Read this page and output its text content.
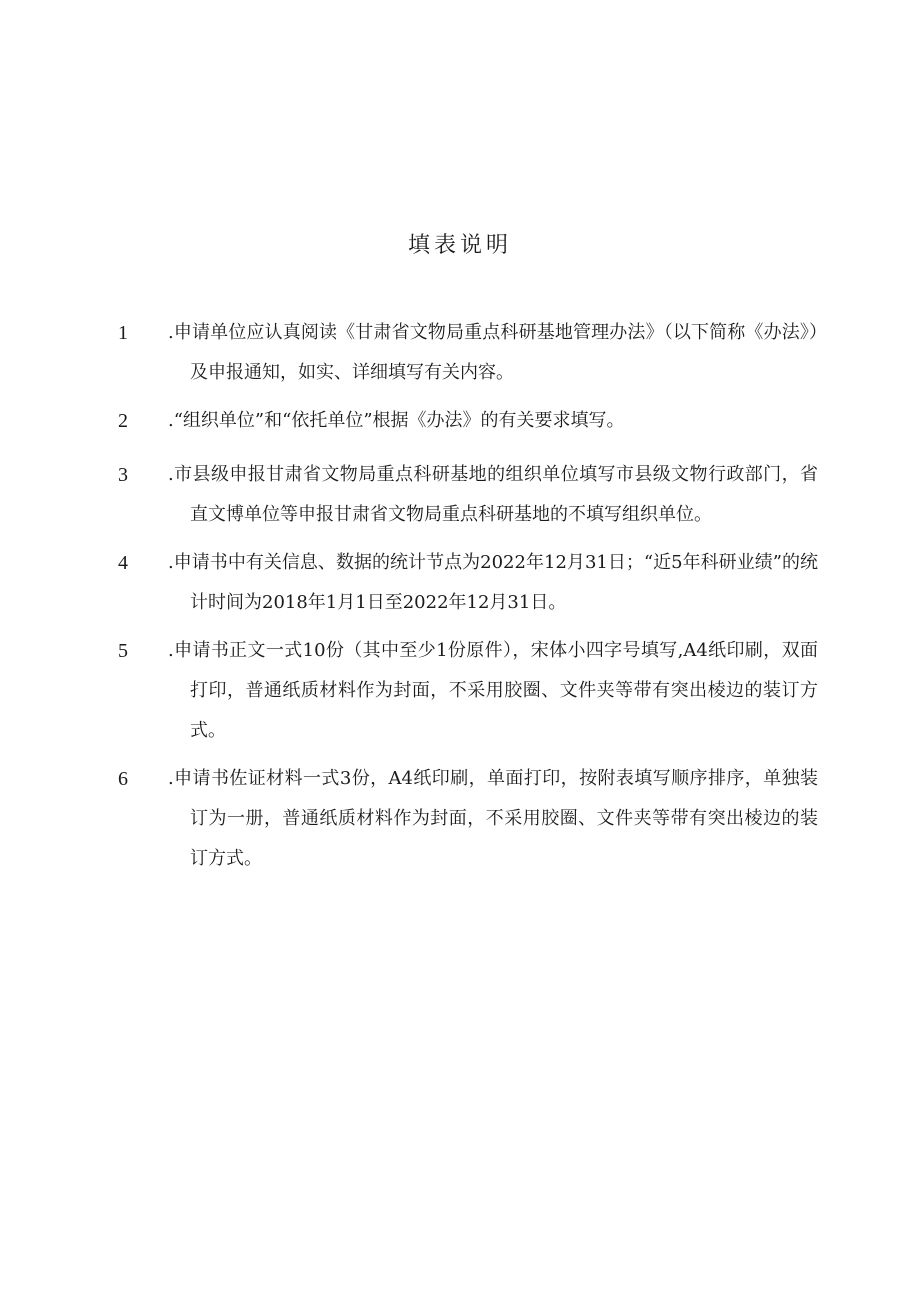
填表说明
1	.申请单位应认真阅读《甘肃省文物局重点科研基地管理办法》（以下简称《办法》）及申报通知，如实、详细填写有关内容。
2	.“组织单位”和“依托单位”根据《办法》的有关要求填写。
3	.市县级申报甘肃省文物局重点科研基地的组织单位填写市县级文物行政部门，省直文博单位等申报甘肃省文物局重点科研基地的不填写组织单位。
4	.申请书中有关信息、数据的统计节点为2022年12月31日；“近5年科研业绩”的统计时间为2018年1月1日至2022年12月31日。
5	.申请书正文一式10份（其中至少1份原件），宋体小四字号填写,A4纸印刷，双面打印，普通纸质材料作为封面，不采用胶圈、文件夹等带有突出棱边的装订方式。
6	.申请书佐证材料一式3份，A4纸印刷，单面打印，按附表填写顺序排序，单独装订为一册，普通纸质材料作为封面，不采用胶圈、文件夹等带有突出棱边的装订方式。
